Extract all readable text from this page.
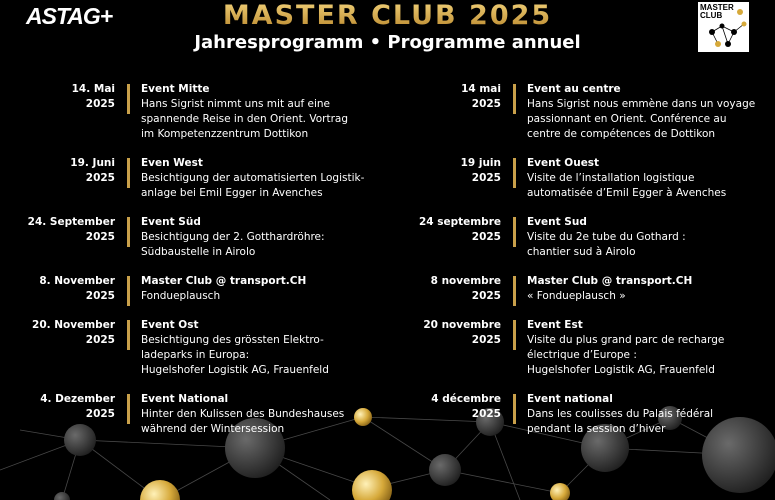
MASTER CLUB 2025
Jahresprogramm • Programme annuel
MASTER
CLUB
14. Mai
2025
Event Mitte
Hans Sigrist nimmt uns mit auf eine
spannende Reise in den Orient. Vortrag
im Kompetenzzentrum Dottikon
19. Juni
2025
Even West
Besichtigung der automatisierten Logistik-
anlage bei Emil Egger in Avenches
24. September
2025
Event Süd
Besichtigung der 2. Gotthardröhre:
Südbaustelle in Airolo
8. November
2025
Master Club @ transport.CH
Fondueplausch
20. November
2025
Event Ost
Besichtigung des grössten Elektro-
ladeparks in Europa:
Hugelshofer Logistik AG, Frauenfeld
4. Dezember
2025
Event National
Hinter den Kulissen des Bundeshauses
während der Wintersession
14 mai
2025
Event au centre
Hans Sigrist nous emmène dans un voyage
passionnant en Orient. Conférence au
centre de compétences de Dottikon
19 juin
2025
Event Ouest
Visite de l’installation logistique
automatisée d’Emil Egger à Avenches
24 septembre
2025
Event Sud
Visite du 2e tube du Gothard :
chantier sud à Airolo
8 novembre
2025
Master Club @ transport.CH
« Fondueplausch »
20 novembre
2025
Event Est
Visite du plus grand parc de recharge
électrique d’Europe :
Hugelshofer Logistik AG, Frauenfeld
4 décembre
2025
Event national
Dans les coulisses du Palais fédéral
pendant la session d’hiver
